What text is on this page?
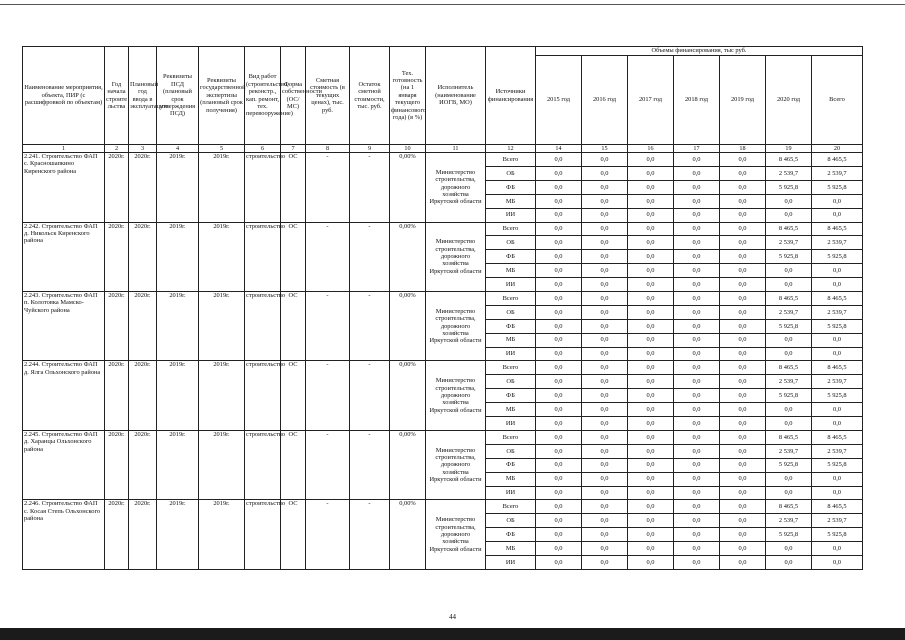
Наименование мероприятия, объекта, ПИР (с расшифровкой по объектам)	Год начала строите льства	Плановый год ввода в эксплуатацию	Реквизиты ПСД (плановый срок утверждения ПСД)	Реквизиты государственной экспертизы (плановый срок получения)	Вид работ (строительство, реконстр., кап. ремонт, тех. перевооружение)	Форма собственности (ОС/МС)	Сметная стоимость (в текущих ценах), тыс. руб.	Остаток сметной стоимости, тыс. руб.	Тех. готовность (на 1 января текущего финансового года) (в %)	Исполнитель (наименование ИОГВ, МО)	Источники финансирования	Объемы финансирования, тыс руб.						
												2015 год	2016 год	2017 год	2018 год	2019 год	2020 год	Всего
1	2	3	4	5	6	7	8	9	10	11	12	14	15	16	17	18	19	20
2.241. Строительство ФАП с. Красношапкино Киренского района	2020г.	2020г.	2019г.	2019г.	строительство	ОС	-	-	0,00%	Министерство строительства, дорожного хозяйства Иркутской области	Всего	0,0	0,0	0,0	0,0	0,0	8 465,5	8 465,5
											ОБ	0,0	0,0	0,0	0,0	0,0	2 539,7	2 539,7
											ФБ	0,0	0,0	0,0	0,0	0,0	5 925,8	5 925,8
											МБ	0,0	0,0	0,0	0,0	0,0	0,0	0,0
											ИИ	0,0	0,0	0,0	0,0	0,0	0,0	0,0
2.242. Строительство ФАП д. Никольск Киренского района	2020г.	2020г.	2019г.	2019г.	строительство	ОС	-	-	0,00%	Министерство строительства, дорожного хозяйства Иркутской области	Всего	0,0	0,0	0,0	0,0	0,0	8 465,5	8 465,5
											ОБ	0,0	0,0	0,0	0,0	0,0	2 539,7	2 539,7
											ФБ	0,0	0,0	0,0	0,0	0,0	5 925,8	5 925,8
											МБ	0,0	0,0	0,0	0,0	0,0	0,0	0,0
											ИИ	0,0	0,0	0,0	0,0	0,0	0,0	0,0
2.243. Строительство ФАП п. Колотовка Мамско-Чуйского района	2020г.	2020г.	2019г.	2019г.	строительство	ОС	-	-	0,00%	Министерство строительства, дорожного хозяйства Иркутской области	Всего	0,0	0,0	0,0	0,0	0,0	8 465,5	8 465,5
											ОБ	0,0	0,0	0,0	0,0	0,0	2 539,7	2 539,7
											ФБ	0,0	0,0	0,0	0,0	0,0	5 925,8	5 925,8
											МБ	0,0	0,0	0,0	0,0	0,0	0,0	0,0
											ИИ	0,0	0,0	0,0	0,0	0,0	0,0	0,0
2.244. Строительство ФАП д. Ялга Ольхонского района	2020г.	2020г.	2019г.	2019г.	строительство	ОС	-	-	0,00%	Министерство строительства, дорожного хозяйства Иркутской области	Всего	0,0	0,0	0,0	0,0	0,0	8 465,5	8 465,5
											ОБ	0,0	0,0	0,0	0,0	0,0	2 539,7	2 539,7
											ФБ	0,0	0,0	0,0	0,0	0,0	5 925,8	5 925,8
											МБ	0,0	0,0	0,0	0,0	0,0	0,0	0,0
											ИИ	0,0	0,0	0,0	0,0	0,0	0,0	0,0
2.245. Строительство ФАП д. Харанцы Ольхонского района	2020г.	2020г.	2019г.	2019г.	строительство	ОС	-	-	0,00%	Министерство строительства, дорожного хозяйства Иркутской области	Всего	0,0	0,0	0,0	0,0	0,0	8 465,5	8 465,5
											ОБ	0,0	0,0	0,0	0,0	0,0	2 539,7	2 539,7
											ФБ	0,0	0,0	0,0	0,0	0,0	5 925,8	5 925,8
											МБ	0,0	0,0	0,0	0,0	0,0	0,0	0,0
											ИИ	0,0	0,0	0,0	0,0	0,0	0,0	0,0
2.246. Строительство ФАП с. Косая Степь Ольхонского района	2020г.	2020г.	2019г.	2019г.	строительство	ОС	-	-	0,00%	Министерство строительства, дорожного хозяйства Иркутской области	Всего	0,0	0,0	0,0	0,0	0,0	8 465,5	8 465,5
											ОБ	0,0	0,0	0,0	0,0	0,0	2 539,7	2 539,7
											ФБ	0,0	0,0	0,0	0,0	0,0	5 925,8	5 925,8
											МБ	0,0	0,0	0,0	0,0	0,0	0,0	0,0
											ИИ	0,0	0,0	0,0	0,0	0,0	0,0	0,0
44
